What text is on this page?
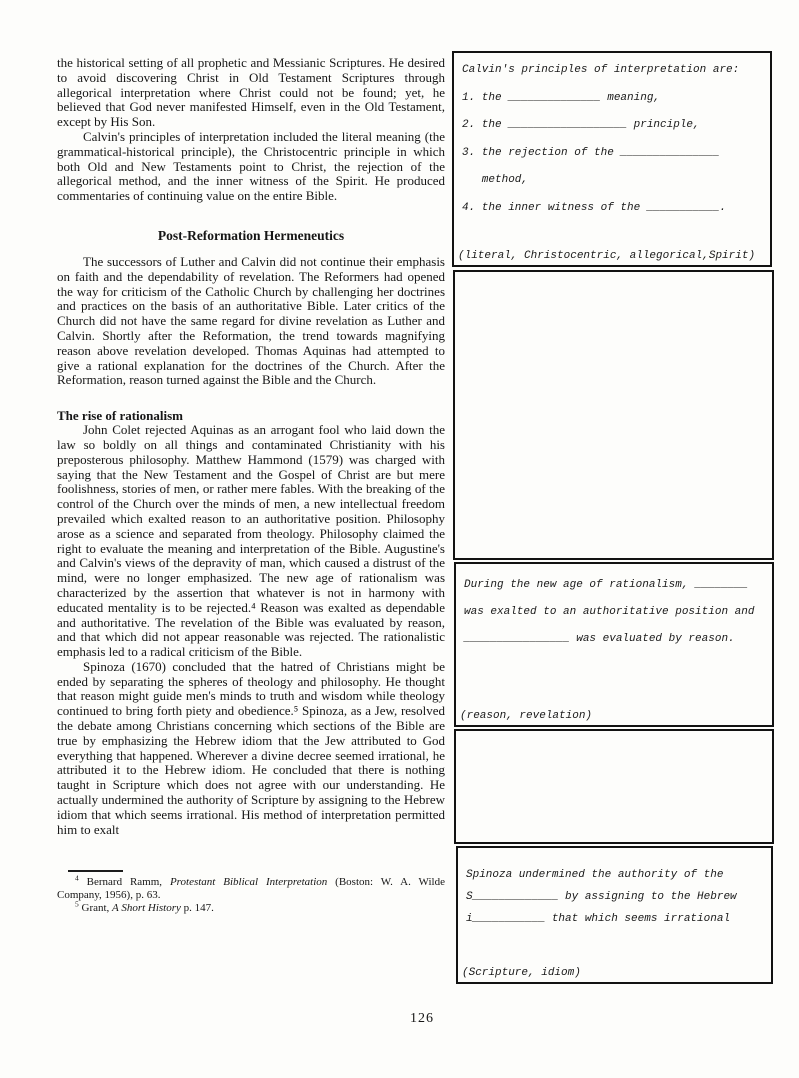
the historical setting of all prophetic and Messianic Scriptures. He desired to avoid discovering Christ in Old Testament Scriptures through allegorical interpretation where Christ could not be found; yet, he believed that God never manifested Himself, even in the Old Testament, except by His Son.

Calvin's principles of interpretation included the literal meaning (the grammatical-historical principle), the Christocentric principle in which both Old and New Testaments point to Christ, the rejection of the allegorical method, and the inner witness of the Spirit. He produced commentaries of continuing value on the entire Bible.

Post-Reformation Hermeneutics

The successors of Luther and Calvin did not continue their emphasis on faith and the dependability of revelation. The Reformers had opened the way for criticism of the Catholic Church by challenging her doctrines and practices on the basis of an authoritative Bible. Later critics of the Church did not have the same regard for divine revelation as Luther and Calvin. Shortly after the Reformation, the trend towards magnifying reason above revelation developed. Thomas Aquinas had attempted to give a rational explanation for the doctrines of the Church. After the Reformation, reason turned against the Bible and the Church.

The rise of rationalism

John Colet rejected Aquinas as an arrogant fool who laid down the law so boldly on all things and contaminated Christianity with his preposterous philosophy. Matthew Hammond (1579) was charged with saying that the New Testament and the Gospel of Christ are but mere foolishness, stories of men, or rather mere fables. With the breaking of the control of the Church over the minds of men, a new intellectual freedom prevailed which exalted reason to an authoritative position. Philosophy arose as a science and separated from theology. Philosophy claimed the right to evaluate the meaning and interpretation of the Bible. Augustine's and Calvin's views of the depravity of man, which caused a distrust of the mind, were no longer emphasized. The new age of rationalism was characterized by the assertion that whatever is not in harmony with educated mentality is to be rejected.⁴ Reason was exalted as dependable and authoritative. The revelation of the Bible was evaluated by reason, and that which did not appear reasonable was rejected. The rationalistic emphasis led to a radical criticism of the Bible.

Spinoza (1670) concluded that the hatred of Christians might be ended by separating the spheres of theology and philosophy. He thought that reason might guide men's minds to truth and wisdom while theology continued to bring forth piety and obedience.⁵ Spinoza, as a Jew, resolved the debate among Christians concerning which sections of the Bible are true by emphasizing the Hebrew idiom that the Jew attributed to God everything that happened. Wherever a divine decree seemed irrational, he attributed it to the Hebrew idiom. He concluded that there is nothing taught in Scripture which does not agree with our understanding. He actually undermined the authority of Scripture by assigning to the Hebrew idiom that which seems irrational. His method of interpretation permitted him to exalt

$^4$ Bernard Ramm, Protestant Biblical Interpretation (Boston: W. A. Wilde Company, 1956), p. 63.

$^5$ Grant, A Short History p. 147.

Calvin's principles of interpretation are:
1. the ______________ meaning,
2. the __________________ principle,
3. the rejection of the _______________
method,
4. the inner witness of the ___________.
(literal, Christocentric, allegorical,Spirit)
During the new age of rationalism, ________
was exalted to an authoritative position and
________________ was evaluated by reason.
(reason, revelation)
Spinoza undermined the authority of the
S_____________ by assigning to the Hebrew
i___________ that which seems irrational
(Scripture, idiom)
126
